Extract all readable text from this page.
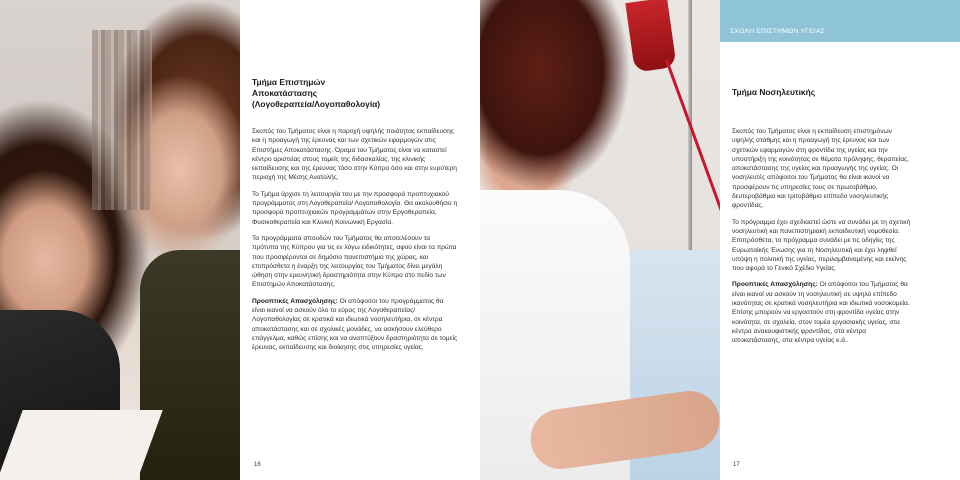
Τμήμα Επιστημών
Αποκατάστασης
(Λογοθεραπεία/Λογοπαθολογία)

Σκοπός του Τμήματος είναι η παροχή υψηλής ποιότητας εκπαίδευσης και η προαγωγή της έρευνας και των σχετικών εφαρμογών στις Επιστήμες Αποκατάστασης. Όραμα του Τμήματος είναι να καταστεί κέντρο αριστείας στους τομείς της διδασκαλίας, της κλινικής εκπαίδευσης και της έρευνας τόσο στην Κύπρο όσο και στην ευρύτερη περιοχή της Μέσης Ανατολής.

Το Τμήμα άρχισε τη λειτουργία του με την προσφορά προπτυχιακού προγράμματος στη Λογοθεραπεία/ Λογοπαθολογία. Θα ακολουθήσει η προσφορά προπτυχιακών προγραμμάτων στην Εργοθεραπεία, Φυσικοθεραπεία και Κλινική Κοινωνική Εργασία.

Τα προγράμματα σπουδών του Τμήματος θα αποτελέσουν τα πρότυπα της Κύπρου για τις εν λόγω ειδικότητες, αφού είναι τα πρώτα που προσφέρονται σε δημόσιο πανεπιστήμιο της χώρας, και επιπρόσθετα η έναρξη της λειτουργίας του Τμήματος δίνει μεγάλη ώθηση στην ερευνητική δραστηριότητα στην Κύπρο στο πεδίο των Επιστημών Αποκατάστασης.

Προοπτικές Απασχόλησης: Οι απόφοιτοι του προγράμματος θα είναι ικανοί να ασκούν όλο το εύρος της Λογοθεραπείας/Λογοπαθολογίας σε κρατικά και ιδιωτικά νοσηλευτήρια, σε κέντρα αποκατάστασης και σε σχολικές μονάδες, να ασκήσουν ελεύθερο επάγγελμα, καθώς επίσης και να αναπτύξουν δραστηριότητα σε τομείς έρευνας, εκπαίδευσης και διοίκησης στις υπηρεσίες υγείας.

16
ΣΧΟΛΗ ΕΠΙΣΤΗΜΩΝ ΥΓΕΙΑΣ
Τμήμα Νοσηλευτικής

Σκοπός του Τμήματος είναι η εκπαίδευση επιστημόνων υψηλής στάθμης και η προαγωγή της έρευνας και των σχετικών εφαρμογών στη φροντίδα της υγείας και την υποστήριξη της κοινότητας σε θέματα πρόληψης, θεραπείας, αποκατάστασης της υγείας και προαγωγής της υγείας. Οι νοσηλευτές απόφοιτοι του Τμήματος θα είναι ικανοί να προσφέρουν τις υπηρεσίες τους σε πρωτοβάθμιο, δευτεροβάθμιο και τριτοβάθμιο επίπεδο νοσηλευτικής φροντίδας.

Το πρόγραμμα έχει σχεδιαστεί ώστε να συνάδει με τη σχετική νοσηλευτική και πανεπιστημιακή εκπαιδευτική νομοθεσία. Επιπρόσθετα, το πρόγραμμα συνάδει με τις οδηγίες της Ευρωπαϊκής Ένωσης για τη Νοσηλευτική και έχει ληφθεί υπόψη η πολιτική της υγείας, περιλαμβανομένης και εκείνης που αφορά το Γενικό Σχέδιο Υγείας.

Προοπτικές Απασχόλησης: Οι απόφοιτοι του Τμήματος θα είναι ικανοί να ασκούν τη νοσηλευτική σε υψηλό επίπεδο ικανότητας σε κρατικά νοσηλευτήρια και ιδιωτικά νοσοκομεία. Επίσης μπορούν να εργαστούν στη φροντίδα υγείας στην κοινότητα, σε σχολεία, στον τομέα εργασιακής υγείας, στα κέντρα ανακουφιστικής φροντίδας, στα κέντρα αποκατάστασης, στα κέντρα υγείας κ.ά..

17
